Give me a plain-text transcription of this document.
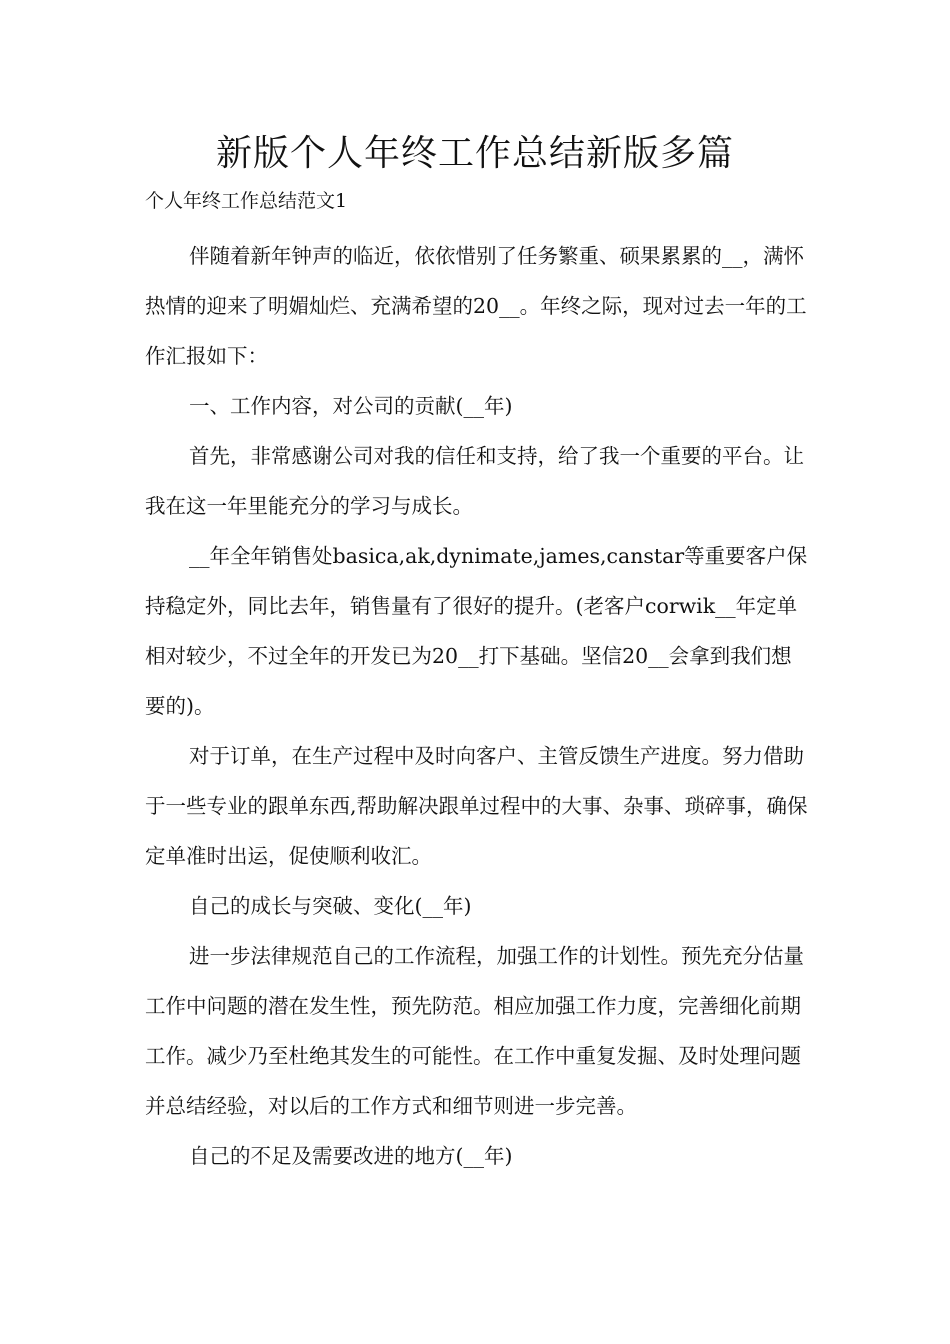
新版个人年终工作总结新版多篇

个人年终工作总结范文1

伴随着新年钟声的临近，依依惜别了任务繁重、硕果累累的__，满怀热情的迎来了明媚灿烂、充满希望的20__。年终之际，现对过去一年的工作汇报如下：

一、工作内容，对公司的贡献(__年)

首先，非常感谢公司对我的信任和支持，给了我一个重要的平台。让我在这一年里能充分的学习与成长。

__年全年销售处basica,ak,dynimate,james,canstar等重要客户保持稳定外，同比去年，销售量有了很好的提升。(老客户corwik__年定单相对较少，不过全年的开发已为20__打下基础。坚信20__会拿到我们想要的)。

对于订单，在生产过程中及时向客户、主管反馈生产进度。努力借助于一些专业的跟单东西,帮助解决跟单过程中的大事、杂事、琐碎事，确保定单准时出运，促使顺利收汇。

自己的成长与突破、变化(__年)

进一步法律规范自己的工作流程，加强工作的计划性。预先充分估量工作中问题的潜在发生性，预先防范。相应加强工作力度，完善细化前期工作。减少乃至杜绝其发生的可能性。在工作中重复发掘、及时处理问题并总结经验，对以后的工作方式和细节则进一步完善。

自己的不足及需要改进的地方(__年)
